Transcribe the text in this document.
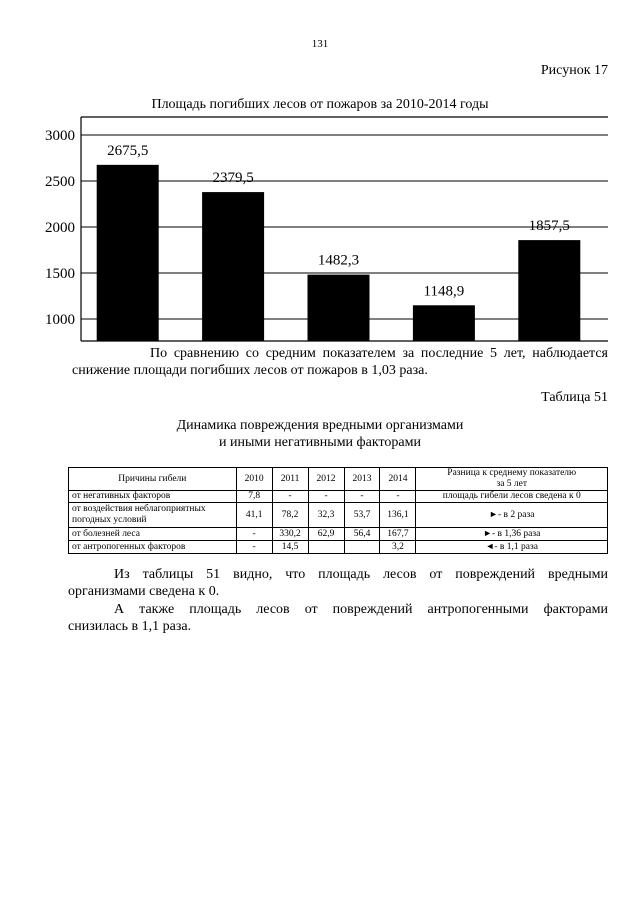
131
Рисунок 17
Площадь погибших лесов от пожаров за 2010-2014 годы
1000
1500
2000
2500
3000
2675,5
2379,5
1482,3
1148,9
1857,5
По сравнению со средним показателем за последние 5 лет, наблюдается
снижение площади погибших лесов от пожаров в 1,03 раза.
Таблица 51
Динамика повреждения вредными организмами
и иными негативными факторами
Причины гибели	2010	2011	2012	2013	2014	Разница к среднему показателю
за 5 лет

от негативных факторов	7,8	-	-	-	-	площадь гибели лесов сведена к 0

от воздействия неблагоприятных
погодных условий	41,1	78,2	32,3	53,7	136,1	►- в 2 раза
от болезней леса	-	330,2	62,9	56,4	167,7	►- в 1,36 раза
от антропогенных факторов	-	14,5			3,2	◄- в 1,1 раза
Из таблицы 51 видно, что площадь лесов от повреждений вредными
организмами сведена к 0.
А также площадь лесов от повреждений антропогенными факторами
снизилась в 1,1 раза.
